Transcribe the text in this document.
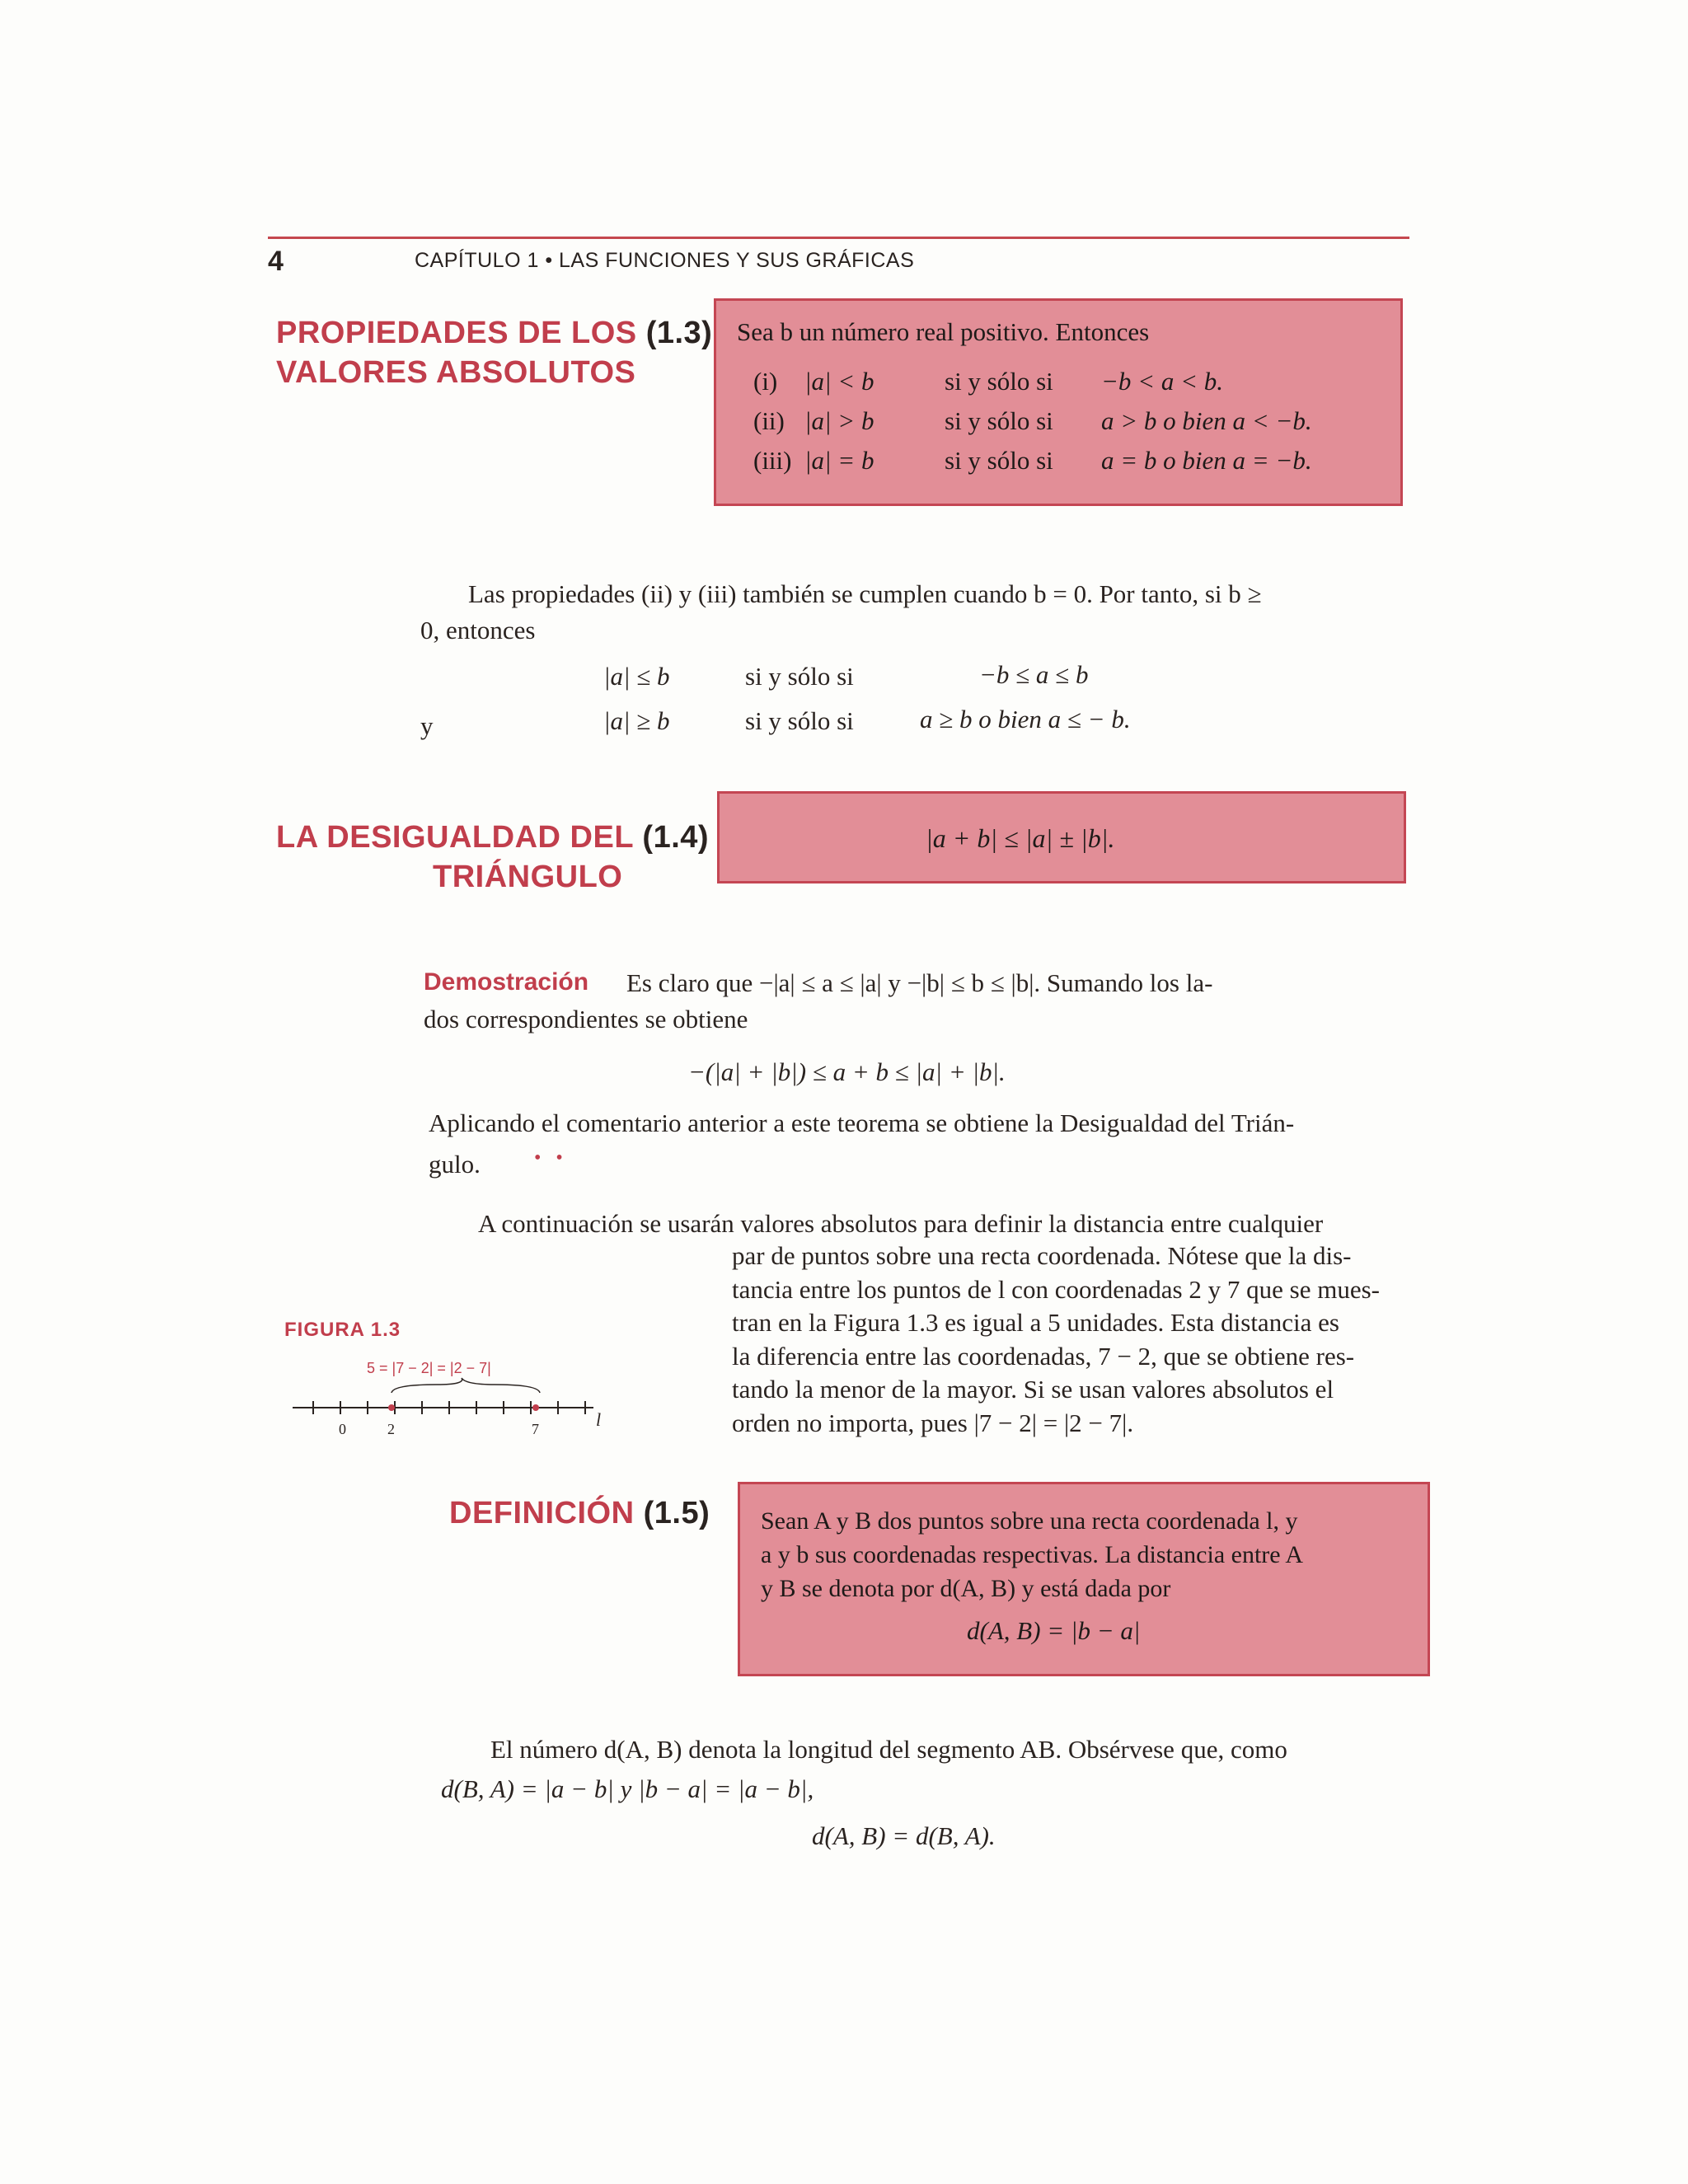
4	CAPÍTULO 1 • LAS FUNCIONES Y SUS GRÁFICAS
PROPIEDADES DE LOS (1.3)
VALORES ABSOLUTOS
Sea b un número real positivo. Entonces
(i)	|a| < b	si y sólo si	−b < a < b.
(ii) |a| > b	si y sólo si	a > b o bien a < −b.
(iii) |a| = b	si y sólo si	a = b o bien a = −b.
Las propiedades (ii) y (iii) también se cumplen cuando b = 0. Por tanto, si b ≥
0, entonces
|a| ≤ b	si y sólo si	−b ≤ a ≤ b
y	|a| ≥ b	si y sólo si	a ≥ b o bien a ≤ − b.
LA DESIGUALDAD DEL (1.4)
TRIÁNGULO
|a + b| ≤ |a| ± |b|.
Demostración Es claro que −|a| ≤ a ≤ |a| y −|b| ≤ b ≤ |b|. Sumando los la-
dos correspondientes se obtiene
−(|a| + |b|) ≤ a + b ≤ |a| + |b|.
Aplicando el comentario anterior a este teorema se obtiene la Desigualdad del Trián-
gulo.	• •
A continuación se usarán valores absolutos para definir la distancia entre cualquier
par de puntos sobre una recta coordenada. Nótese que la dis-
tancia entre los puntos de l con coordenadas 2 y 7 que se mues-
tran en la Figura 1.3 es igual a 5 unidades. Esta distancia es
la diferencia entre las coordenadas, 7 − 2, que se obtiene res-
tando la menor de la mayor. Si se usan valores absolutos el
orden no importa, pues |7 − 2| = |2 − 7|.
FIGURA 1.3
5 = |7 − 2| = |2 − 7|
0	2	7	l
DEFINICIÓN (1.5) Sean A y B dos puntos sobre una recta coordenada l, y
a y b sus coordenadas respectivas. La distancia entre A
y B se denota por d(A, B) y está dada por
d(A, B) = |b − a|
El número d(A, B) denota la longitud del segmento AB. Obsérvese que, como
d(B, A) = |a − b| y |b − a| = |a − b|,
d(A, B) = d(B, A).
